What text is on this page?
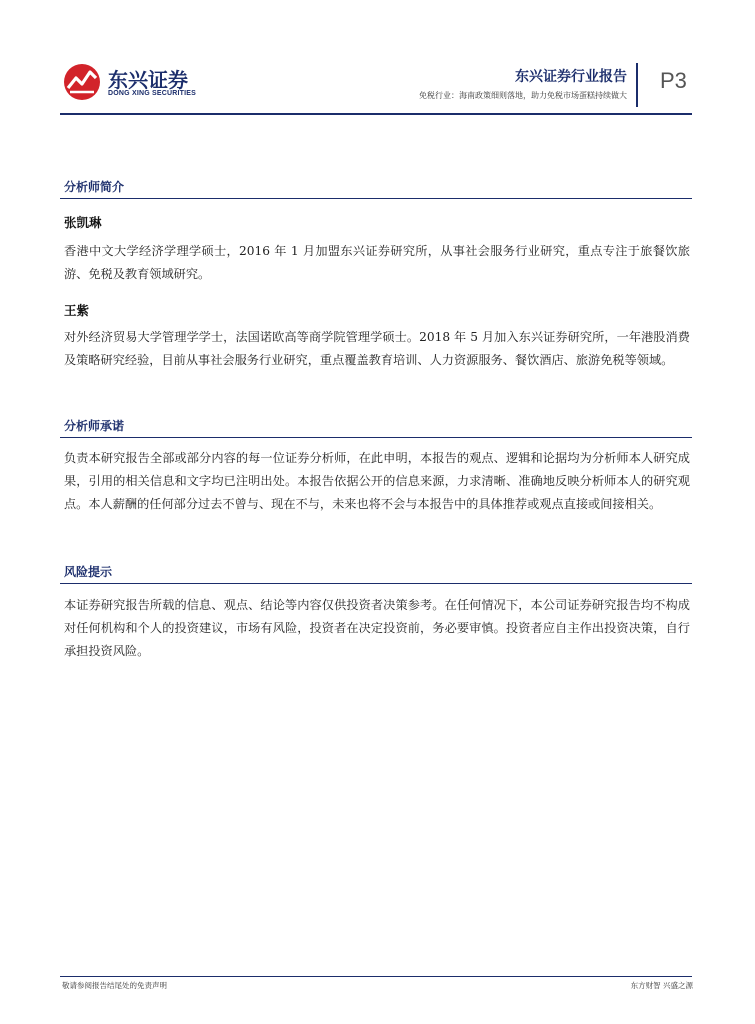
东兴证券
DONG XING SECURITIES
东兴证券行业报告
免税行业：海南政策细则落地，助力免税市场蛋糕持续做大
P3
分析师简介
张凯琳

香港中文大学经济学理学硕士，2016 年 1 月加盟东兴证券研究所，从事社会服务行业研究，重点专注于旅餐饮旅游、免税及教育领域研究。

王紫

对外经济贸易大学管理学学士，法国诺欧高等商学院管理学硕士。2018 年 5 月加入东兴证券研究所，一年港股消费及策略研究经验，目前从事社会服务行业研究，重点覆盖教育培训、人力资源服务、餐饮酒店、旅游免税等领域。

分析师承诺

负责本研究报告全部或部分内容的每一位证券分析师，在此申明，本报告的观点、逻辑和论据均为分析师本人研究成果，引用的相关信息和文字均已注明出处。本报告依据公开的信息来源，力求清晰、准确地反映分析师本人的研究观点。本人薪酬的任何部分过去不曾与、现在不与，未来也将不会与本报告中的具体推荐或观点直接或间接相关。

风险提示

本证券研究报告所载的信息、观点、结论等内容仅供投资者决策参考。在任何情况下，本公司证券研究报告均不构成对任何机构和个人的投资建议，市场有风险，投资者在决定投资前，务必要审慎。投资者应自主作出投资决策，自行承担投资风险。

敬请参阅报告结尾处的免责声明	东方财智 兴盛之源
